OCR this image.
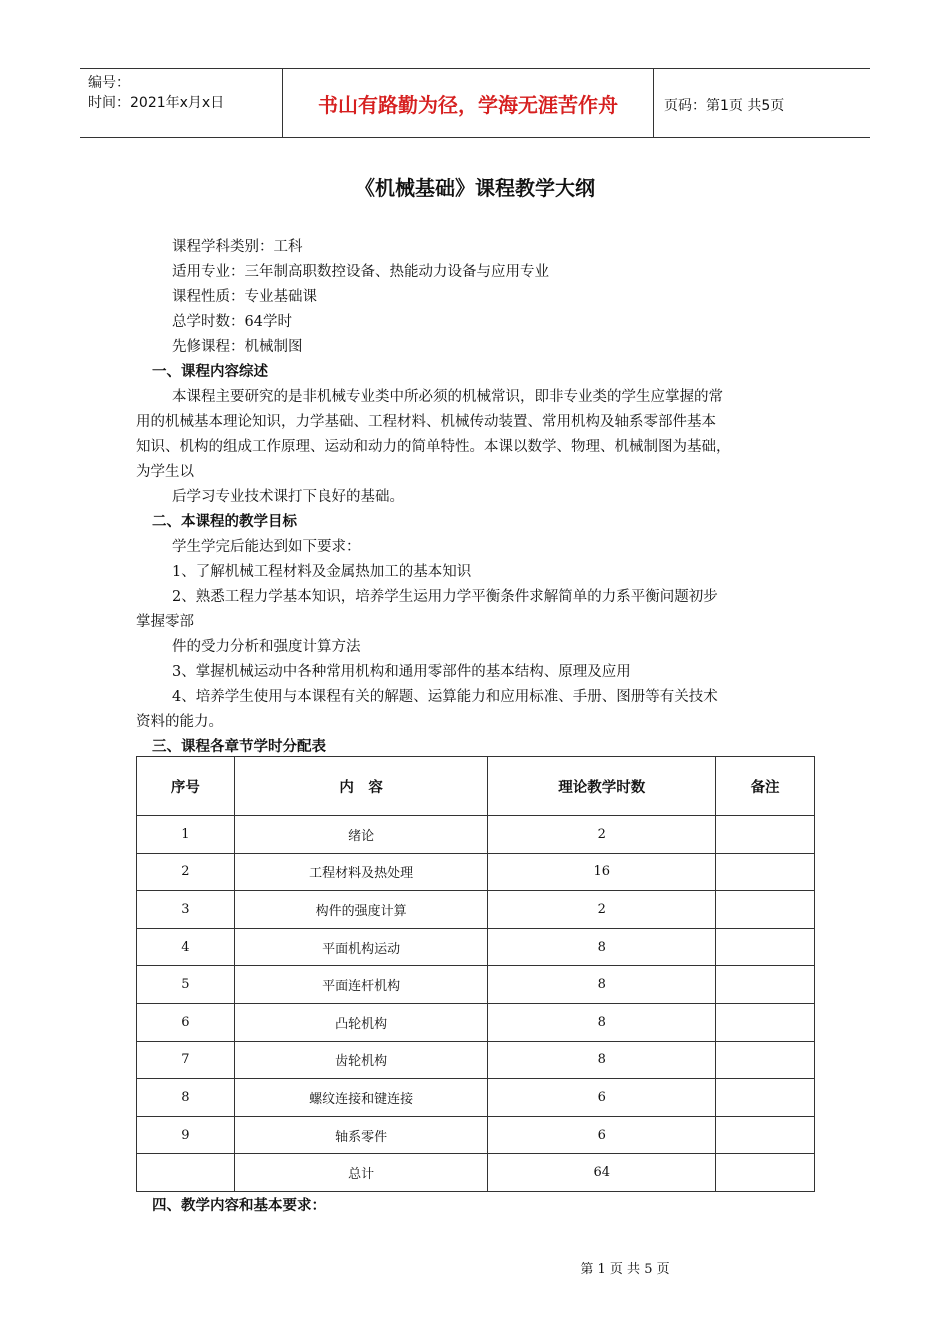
编号：
时间：2021年x月x日	书山有路勤为径，学海无涯苦作舟	页码：第1页 共5页
《机械基础》课程教学大纲
课程学科类别：工科
适用专业：三年制高职数控设备、热能动力设备与应用专业
课程性质：专业基础课
总学时数：64学时
先修课程：机械制图
一、课程内容综述
本课程主要研究的是非机械专业类中所必须的机械常识，即非专业类的学生应掌握的常
用的机械基本理论知识，力学基础、工程材料、机械传动装置、常用机构及轴系零部件基本
知识、机构的组成工作原理、运动和动力的简单特性。本课以数学、物理、机械制图为基础，
为学生以
后学习专业技术课打下良好的基础。
二、本课程的教学目标
学生学完后能达到如下要求：
1、了解机械工程材料及金属热加工的基本知识
2、熟悉工程力学基本知识，培养学生运用力学平衡条件求解简单的力系平衡问题初步
掌握零部
件的受力分析和强度计算方法
3、掌握机械运动中各种常用机构和通用零部件的基本结构、原理及应用
4、培养学生使用与本课程有关的解题、运算能力和应用标准、手册、图册等有关技术
资料的能力。
三、课程各章节学时分配表
序号	内　容	理论教学时数	备注
1	绪论	2	
2	工程材料及热处理	16	
3	构件的强度计算	2	
4	平面机构运动	8	
5	平面连杆机构	8	
6	凸轮机构	8	
7	齿轮机构	8	
8	螺纹连接和键连接	6	
9	轴系零件	6	
	总计	64	
四、教学内容和基本要求：
第 1 页 共 5 页
